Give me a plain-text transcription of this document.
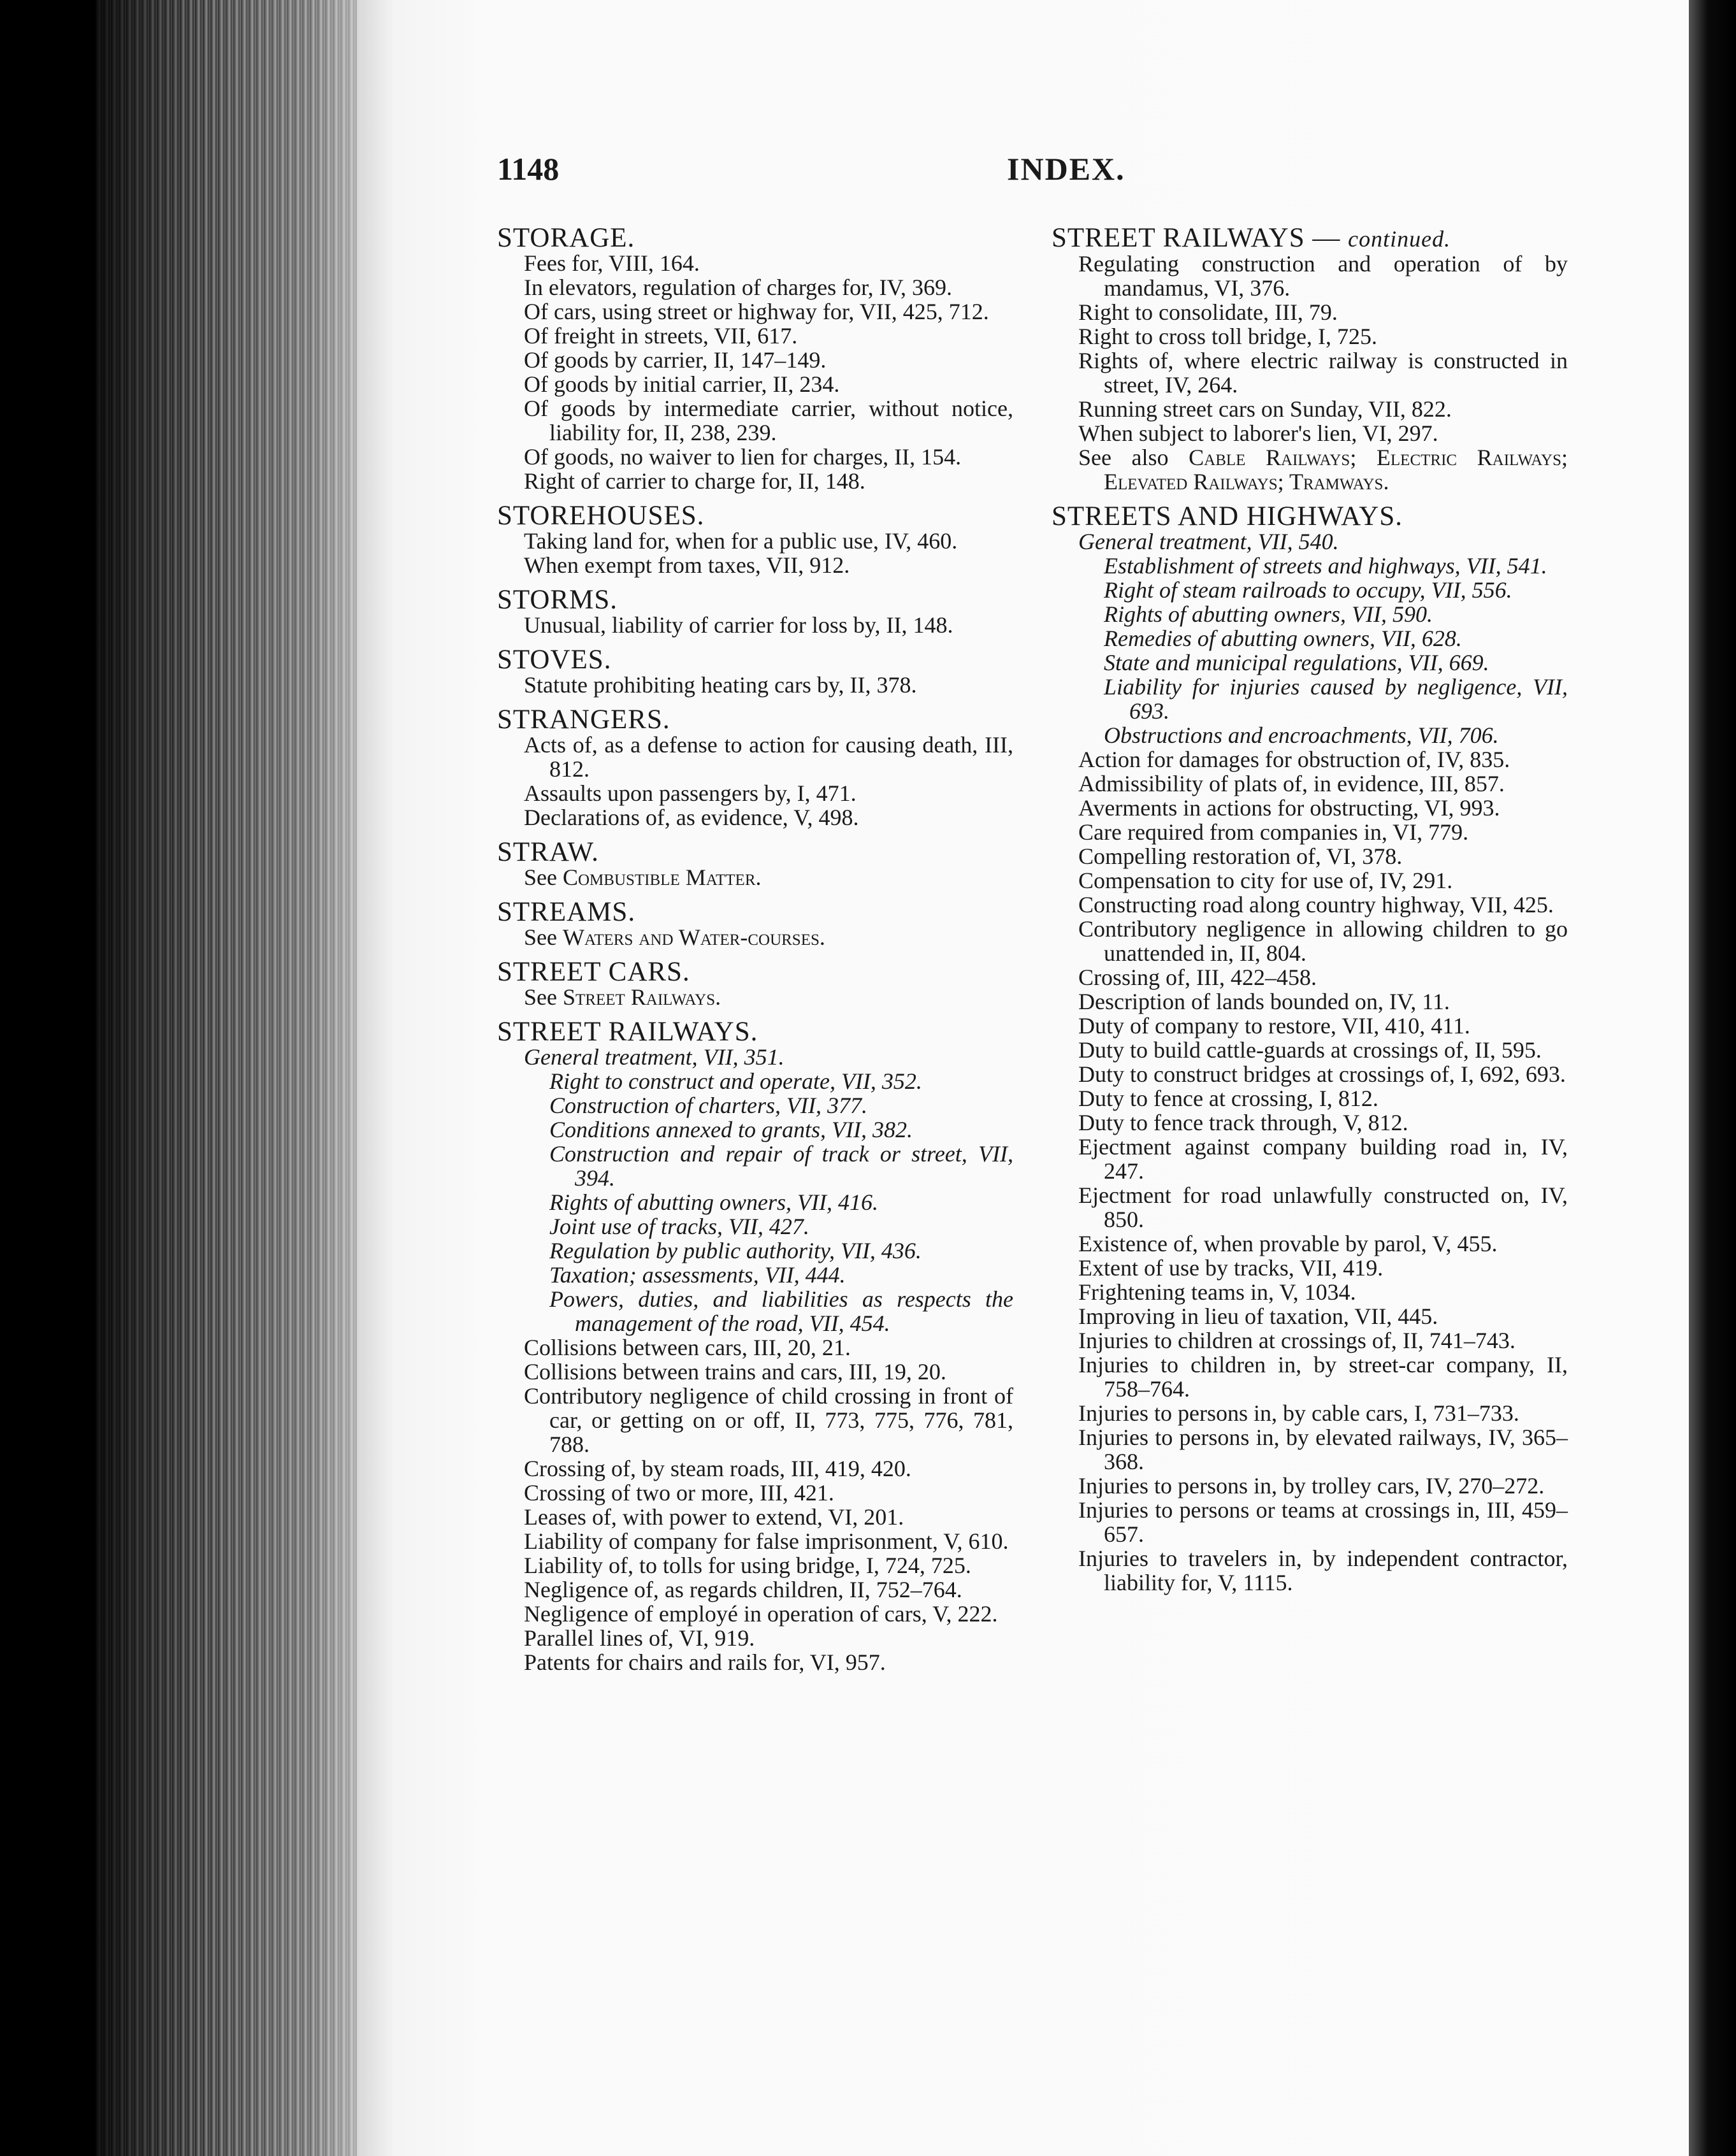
1148	INDEX.
STORAGE.
Fees for, VIII, 164.
In elevators, regulation of charges for, IV, 369.
Of cars, using street or highway for, VII, 425, 712.
Of freight in streets, VII, 617.
Of goods by carrier, II, 147–149.
Of goods by initial carrier, II, 234.
Of goods by intermediate carrier, without notice, liability for, II, 238, 239.
Of goods, no waiver to lien for charges, II, 154.
Right of carrier to charge for, II, 148.
STOREHOUSES.
Taking land for, when for a public use, IV, 460.
When exempt from taxes, VII, 912.
STORMS.
Unusual, liability of carrier for loss by, II, 148.
STOVES.
Statute prohibiting heating cars by, II, 378.
STRANGERS.
Acts of, as a defense to action for causing death, III, 812.
Assaults upon passengers by, I, 471.
Declarations of, as evidence, V, 498.
STRAW.
See Combustible Matter.
STREAMS.
See Waters and Water-courses.
STREET CARS.
See Street Railways.
STREET RAILWAYS.
General treatment, VII, 351.
Right to construct and operate, VII, 352.
Construction of charters, VII, 377.
Conditions annexed to grants, VII, 382.
Construction and repair of track or street, VII, 394.
Rights of abutting owners, VII, 416.
Joint use of tracks, VII, 427.
Regulation by public authority, VII, 436.
Taxation; assessments, VII, 444.
Powers, duties, and liabilities as respects the management of the road, VII, 454.
Collisions between cars, III, 20, 21.
Collisions between trains and cars, III, 19, 20.
Contributory negligence of child crossing in front of car, or getting on or off, II, 773, 775, 776, 781, 788.
Crossing of, by steam roads, III, 419, 420.
Crossing of two or more, III, 421.
Leases of, with power to extend, VI, 201.
Liability of company for false imprisonment, V, 610.
Liability of, to tolls for using bridge, I, 724, 725.
Negligence of, as regards children, II, 752–764.
Negligence of employé in operation of cars, V, 222.
Parallel lines of, VI, 919.
Patents for chairs and rails for, VI, 957.
STREET RAILWAYS — continued.
Regulating construction and operation of by mandamus, VI, 376.
Right to consolidate, III, 79.
Right to cross toll bridge, I, 725.
Rights of, where electric railway is constructed in street, IV, 264.
Running street cars on Sunday, VII, 822.
When subject to laborer's lien, VI, 297.
See also Cable Railways; Electric Railways; Elevated Railways; Tramways.
STREETS AND HIGHWAYS.
General treatment, VII, 540.
Establishment of streets and highways, VII, 541.
Right of steam railroads to occupy, VII, 556.
Rights of abutting owners, VII, 590.
Remedies of abutting owners, VII, 628.
State and municipal regulations, VII, 669.
Liability for injuries caused by negligence, VII, 693.
Obstructions and encroachments, VII, 706.
Action for damages for obstruction of, IV, 835.
Admissibility of plats of, in evidence, III, 857.
Averments in actions for obstructing, VI, 993.
Care required from companies in, VI, 779.
Compelling restoration of, VI, 378.
Compensation to city for use of, IV, 291.
Constructing road along country highway, VII, 425.
Contributory negligence in allowing children to go unattended in, II, 804.
Crossing of, III, 422–458.
Description of lands bounded on, IV, 11.
Duty of company to restore, VII, 410, 411.
Duty to build cattle-guards at crossings of, II, 595.
Duty to construct bridges at crossings of, I, 692, 693.
Duty to fence at crossing, I, 812.
Duty to fence track through, V, 812.
Ejectment against company building road in, IV, 247.
Ejectment for road unlawfully constructed on, IV, 850.
Existence of, when provable by parol, V, 455.
Extent of use by tracks, VII, 419.
Frightening teams in, V, 1034.
Improving in lieu of taxation, VII, 445.
Injuries to children at crossings of, II, 741–743.
Injuries to children in, by street-car company, II, 758–764.
Injuries to persons in, by cable cars, I, 731–733.
Injuries to persons in, by elevated railways, IV, 365–368.
Injuries to persons in, by trolley cars, IV, 270–272.
Injuries to persons or teams at crossings in, III, 459–657.
Injuries to travelers in, by independent contractor, liability for, V, 1115.
